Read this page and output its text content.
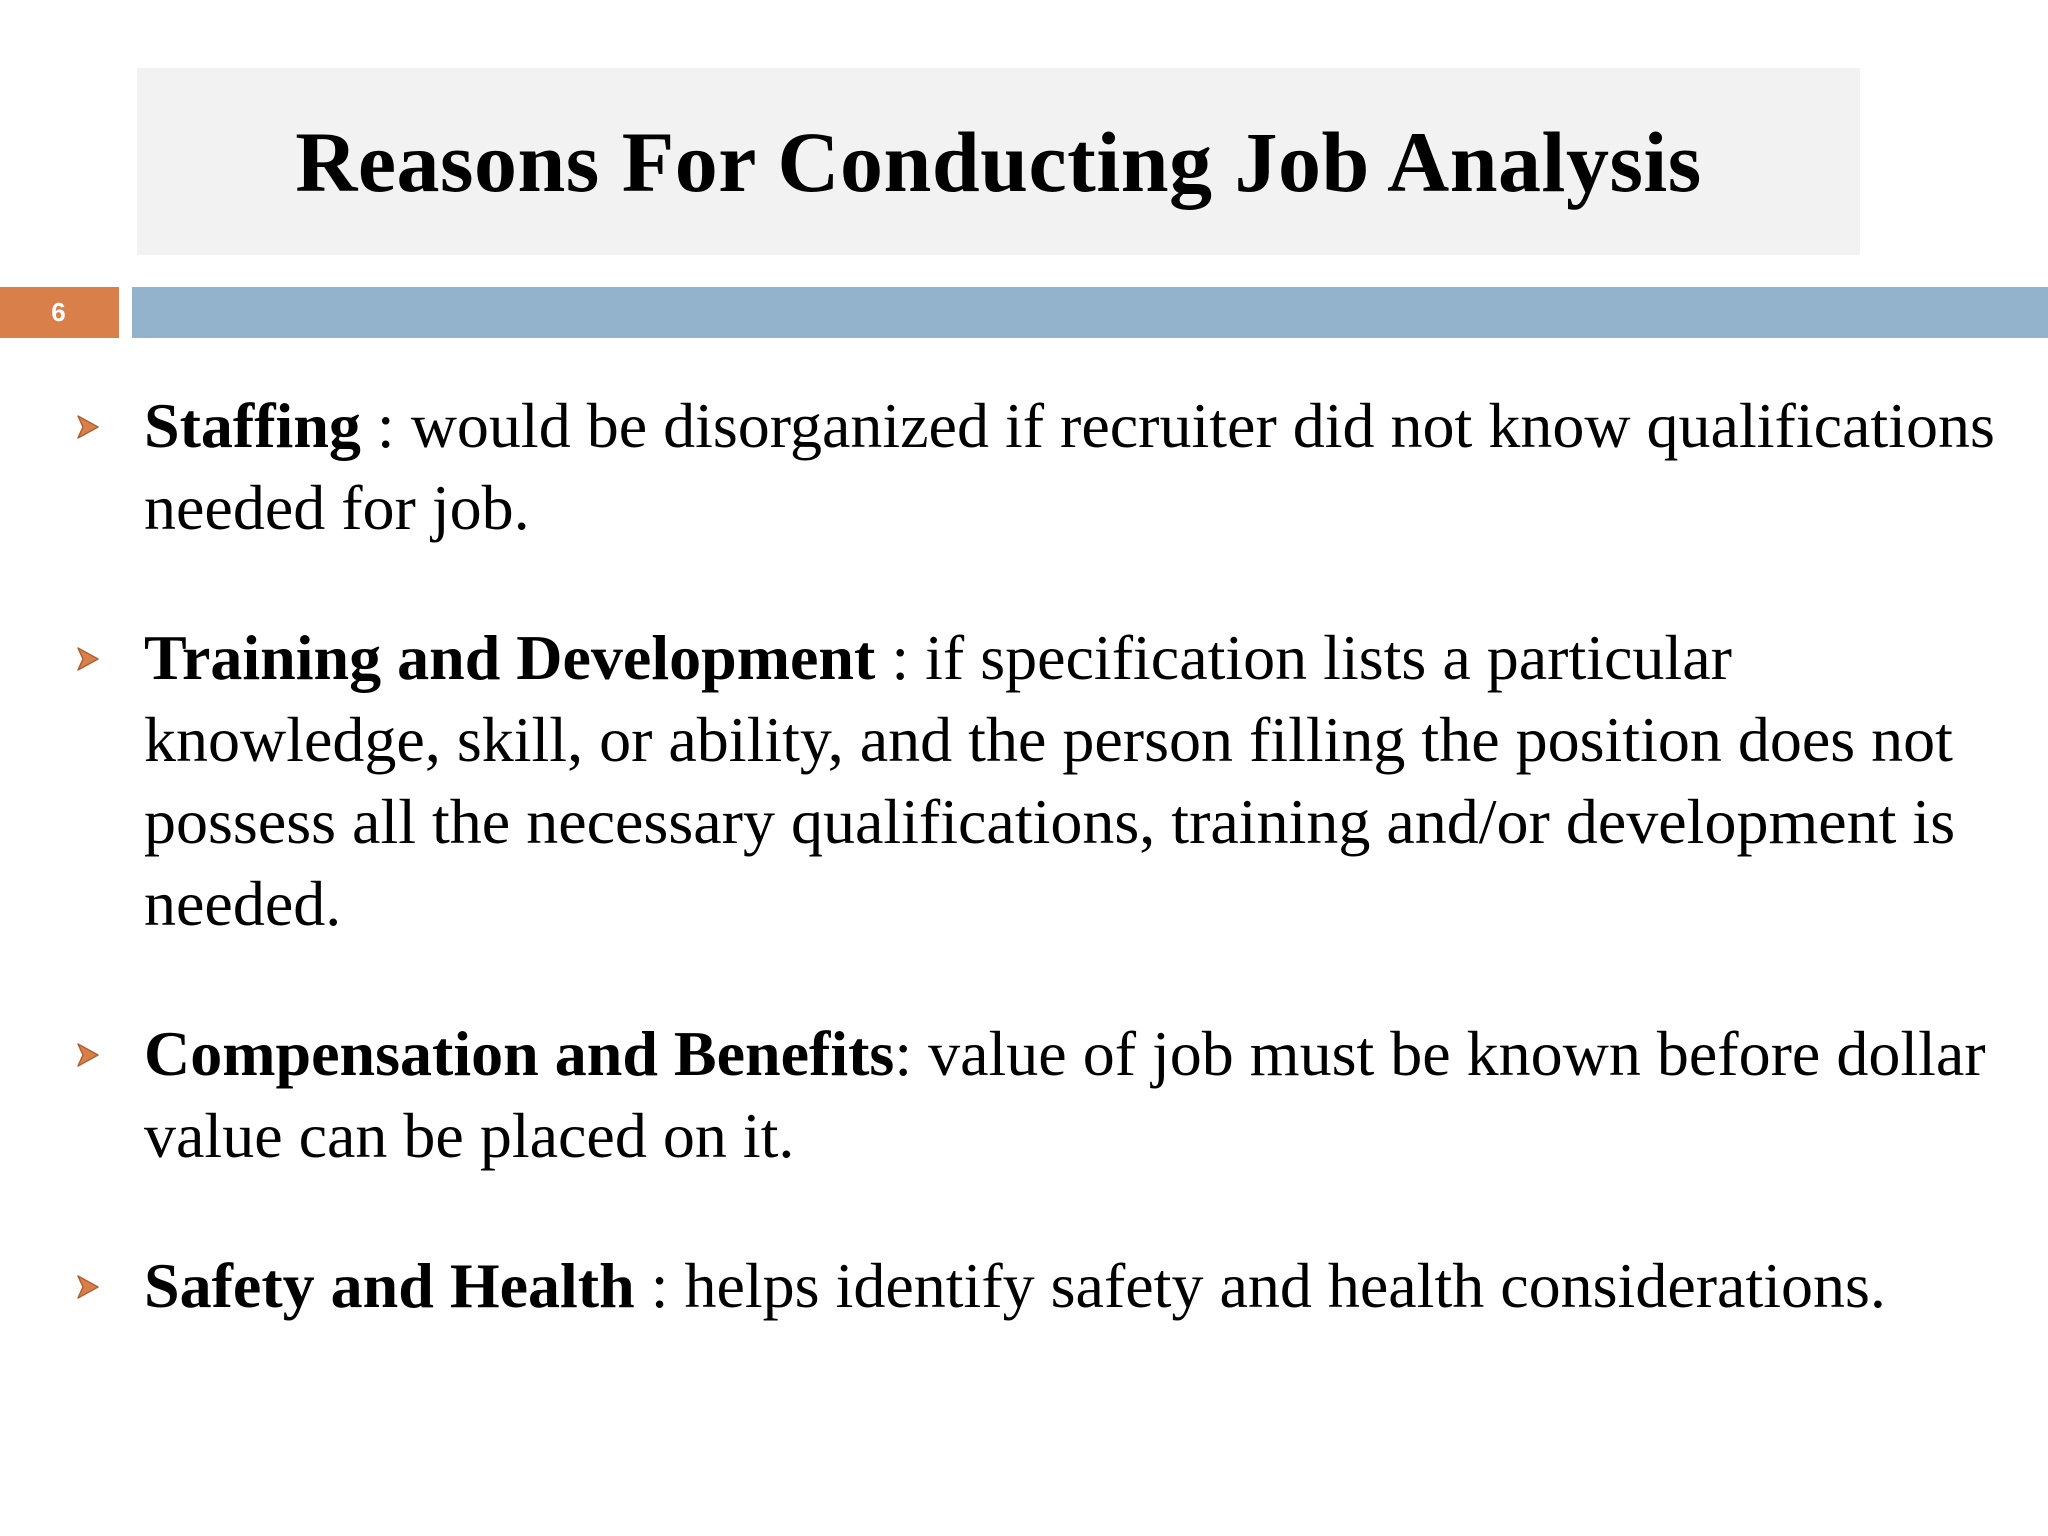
Reasons For Conducting Job Analysis
6
Staffing : would be disorganized if recruiter did not know qualifications needed for job.
Training and Development : if specification lists a particular knowledge, skill, or ability, and the person filling the position does not possess all the necessary qualifications, training and/or development is needed.
Compensation and Benefits: value of job must be known before dollar value can be placed on it.
Safety and Health : helps identify safety and health considerations.
